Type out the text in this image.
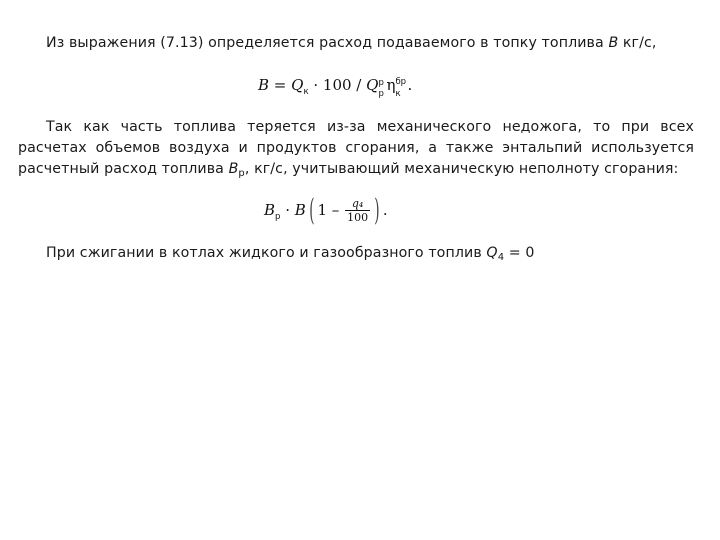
Из выражения (7.13) определяется расход подаваемого в топку топлива B кг/с,
$B = Q_к \cdot 100 / Q$ р
р η бр
к .
Так как часть топлива теряется из-за механического недожога, то при всех расчетах объемов воздуха и продуктов сгорания, а также энтальпий используется расчетный расход топлива $B_р$, кг/с, учитывающий механическую неполноту сгорания:
$B_р \cdot B$ ( $1 - \frac{\text{q₄}}{100}$ ) .
При сжигании в котлах жидкого и газообразного топлив $Q_4 = 0$
